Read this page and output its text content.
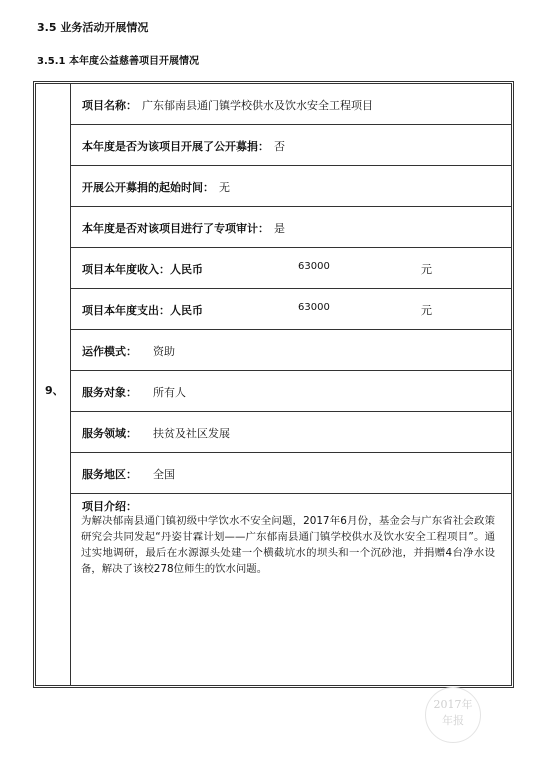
3.5 业务活动开展情况
3.5.1 本年度公益慈善项目开展情况
9、
项目名称： 广东郁南县通门镇学校供水及饮水安全工程项目
本年度是否为该项目开展了公开募捐： 否
开展公开募捐的起始时间： 无
本年度是否对该项目进行了专项审计： 是
项目本年度收入：人民币	63000	元
项目本年度支出：人民币	63000	元
运作模式： 资助
服务对象： 所有人
服务领域： 扶贫及社区发展
服务地区： 全国
项目介绍：
为解决郁南县通门镇初级中学饮水不安全问题，2017年6月份，基金会与广东省社会政策研究会共同发起“丹姿甘霖计划——广东郁南县通门镇学校供水及饮水安全工程项目”。通过实地调研，最后在水源源头处建一个横截坑水的坝头和一个沉砂池，并捐赠4台净水设备，解决了该校278位师生的饮水问题。
2017年
年报
